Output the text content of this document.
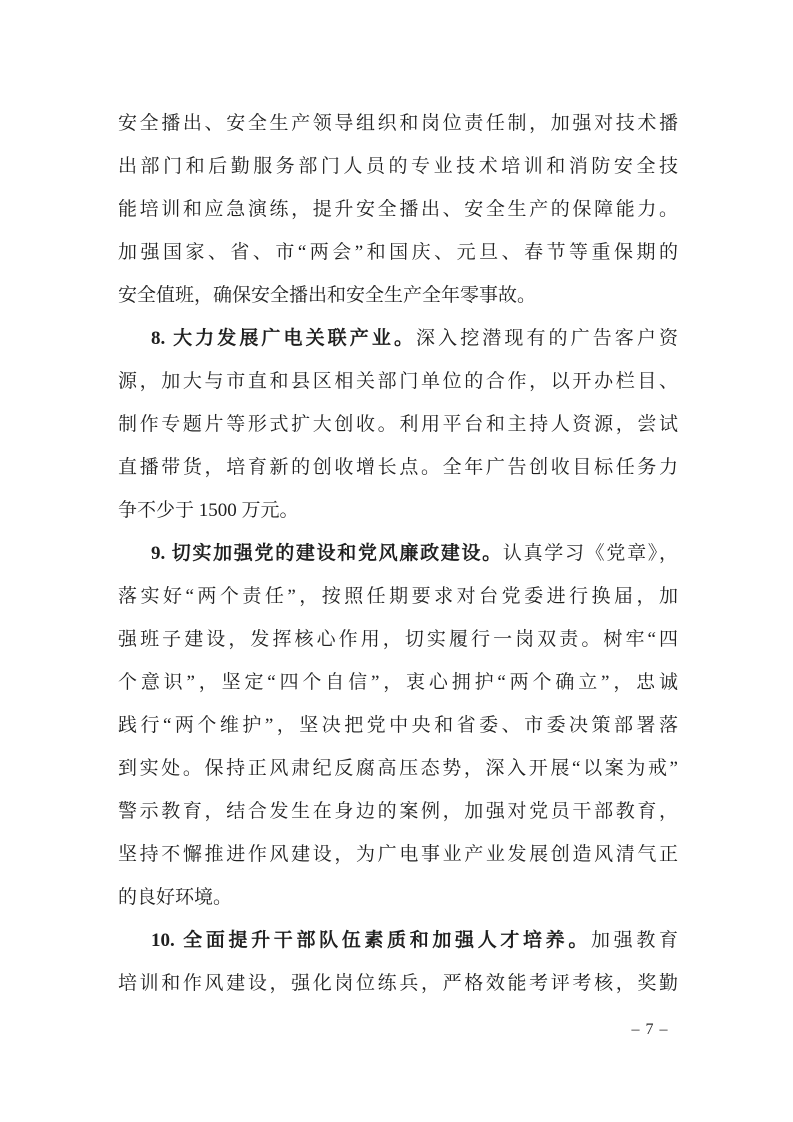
安全播出、安全生产领导组织和岗位责任制，加强对技术播
出部门和后勤服务部门人员的专业技术培训和消防安全技
能培训和应急演练，提升安全播出、安全生产的保障能力。
加强国家、省、市“两会”和国庆、元旦、春节等重保期的
安全值班，确保安全播出和安全生产全年零事故。
8. 大力发展广电关联产业。深入挖潜现有的广告客户资
源，加大与市直和县区相关部门单位的合作，以开办栏目、
制作专题片等形式扩大创收。利用平台和主持人资源，尝试
直播带货，培育新的创收增长点。全年广告创收目标任务力
争不少于 1500 万元。
9. 切实加强党的建设和党风廉政建设。认真学习《党章》，
落实好“两个责任”，按照任期要求对台党委进行换届，加
强班子建设，发挥核心作用，切实履行一岗双责。树牢“四
个意识”，坚定“四个自信”，衷心拥护“两个确立”，忠诚
践行“两个维护”，坚决把党中央和省委、市委决策部署落
到实处。保持正风肃纪反腐高压态势，深入开展“以案为戒”
警示教育，结合发生在身边的案例，加强对党员干部教育，
坚持不懈推进作风建设，为广电事业产业发展创造风清气正
的良好环境。
10. 全面提升干部队伍素质和加强人才培养。加强教育
培训和作风建设，强化岗位练兵，严格效能考评考核，奖勤
– 7 –
